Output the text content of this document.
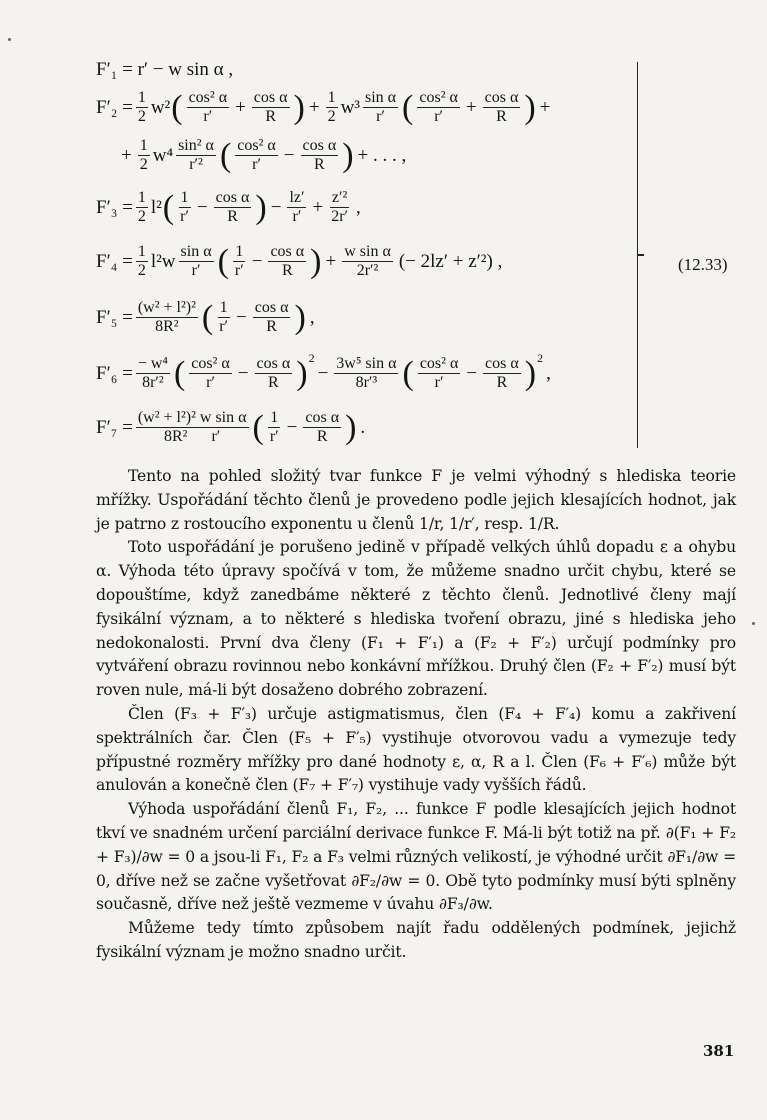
F′₁ = r′ − w sin α ,
$F'_2 = \frac{1}{2} w^2$ ( $\frac{\text{cos² α}}{r'} + \frac{\text{cos α}}{R}$ ) + $\frac{1}{2} w^3 \frac{\text{sin α}}{r'}$ ( $\frac{\text{cos² α}}{r'} + \frac{\text{cos α}}{R}$ ) +
+ $\frac{1}{2} w^4 \frac{\text{sin² α}}{\text{r′²}}$ ( $\frac{\text{cos² α}}{r'} - \frac{\text{cos α}}{R}$ ) + . . . ,
$F'_3 = \frac{1}{2} l^2$ ( $\frac{1}{r'} - \frac{\text{cos α}}{R}$ ) − $\frac{lz'}{r'} + \frac{\text{z′²}}{2r'}$ ,
$F'_4 = \frac{1}{2} l^2w \frac{\text{sin α}}{r'}$ ( $\frac{1}{r'} - \frac{\text{cos α}}{R}$ ) + $\frac{\text{w sin α}}{\text{2r′²}}$ (− 2lz′ + z′²) ,
$F'_5 = \frac{\text{(w² + l²)²}}{\text{8R²}}$ ( $\frac{1}{r'} - \frac{\text{cos α}}{R}$ ) ,
$F'_6 = \frac{\text{− w⁴}}{\text{8r′²}}$ ( $\frac{\text{cos² α}}{r'} - \frac{\text{cos α}}{R} )^2$
− $\frac{\text{3w⁵ sin α}}{\text{8r′³}}$ ( $\frac{\text{cos² α}}{r'} - \frac{\text{cos α}}{R} )^2$
,
$F'_7 = \frac{\text{(w² + l²)² w sin α}}{\text{8R²      r′}}$ ( $\frac{1}{r'} - \frac{\text{cos α}}{R}$ ) .
(12.33)

Tento na pohled složitý tvar funkce F je velmi výhodný s hlediska teorie mřížky. Uspořádání těchto členů je provedeno podle jejich klesajících hodnot, jak je patrno z rostoucího exponentu u členů 1/r, 1/r′, resp. 1/R.

Toto uspořádání je porušeno jedině v případě velkých úhlů dopadu ε a ohybu α. Výhoda této úpravy spočívá v tom, že můžeme snadno určit chybu, které se dopouštíme, když zanedbáme některé z těchto členů. Jednotlivé členy mají fysikální význam, a to některé s hlediska tvoření obrazu, jiné s hlediska jeho nedokonalosti. První dva členy (F₁ + F′₁) a (F₂ + F′₂) určují podmínky pro vytváření obrazu rovinnou nebo konkávní mřížkou. Druhý člen (F₂ + F′₂) musí být roven nule, má-li být dosaženo dobrého zobrazení.

Člen (F₃ + F′₃) určuje astigmatismus, člen (F₄ + F′₄) komu a zakřivení spektrálních čar. Člen (F₅ + F′₅) vystihuje otvorovou vadu a vymezuje tedy přípustné rozměry mřížky pro dané hodnoty ε, α, R a l. Člen (F₆ + F′₆) může být anulován a konečně člen (F₇ + F′₇) vystihuje vady vyšších řádů.

Výhoda uspořádání členů F₁, F₂, ... funkce F podle klesajících jejich hodnot tkví ve snadném určení parciální derivace funkce F. Má-li být totiž na př. ∂(F₁ + F₂ + F₃)/∂w = 0 a jsou-li F₁, F₂ a F₃ velmi různých velikostí, je výhodné určit ∂F₁/∂w = 0, dříve než se začne vyšetřovat ∂F₂/∂w = 0. Obě tyto podmínky musí býti splněny současně, dříve než ještě vezmeme v úvahu ∂F₃/∂w.

Můžeme tedy tímto způsobem najít řadu oddělených podmínek, jejichž fysikální význam je možno snadno určit.

381
